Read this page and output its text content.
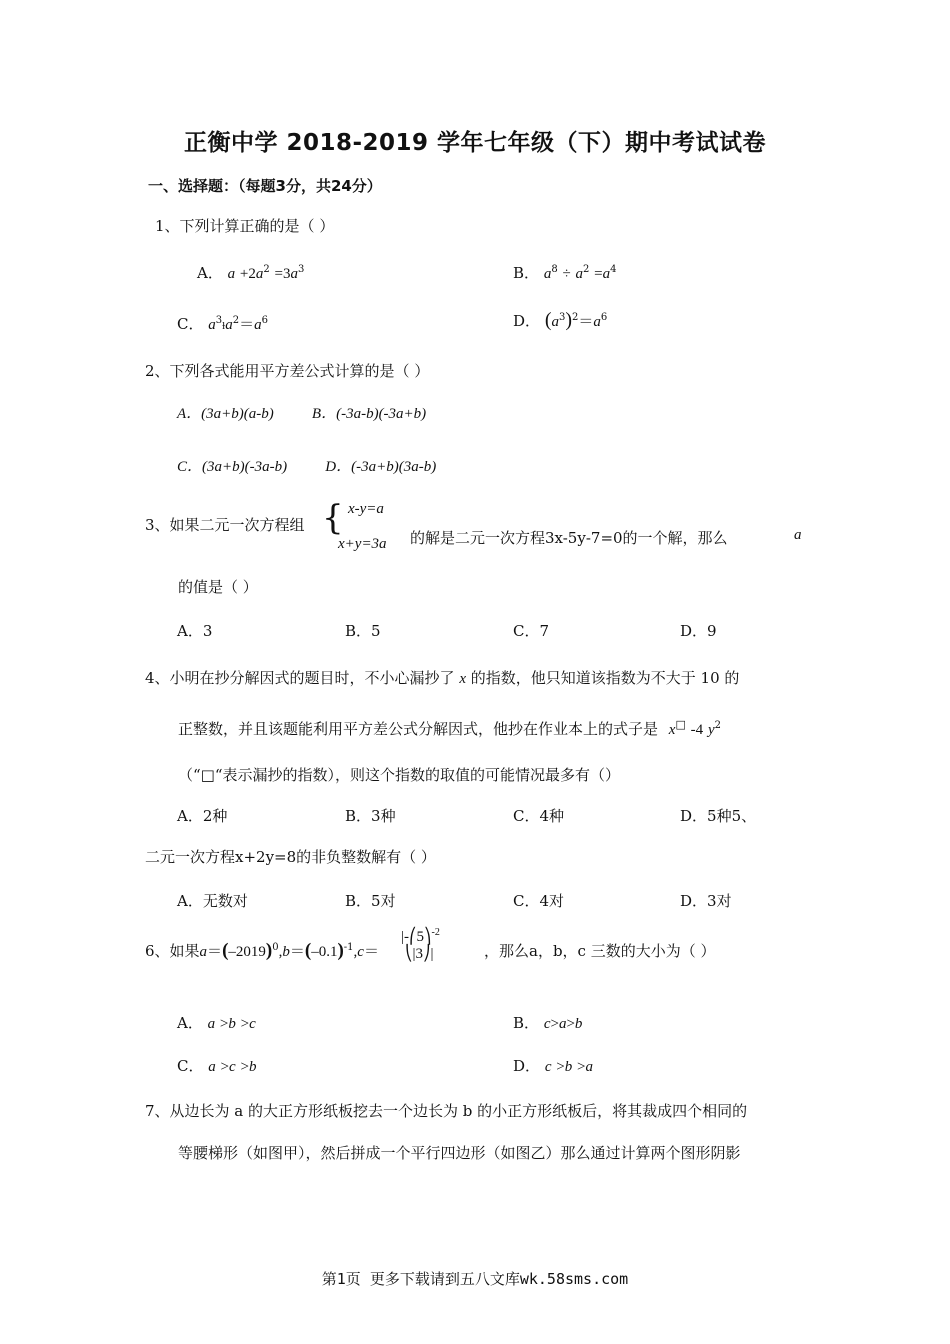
正衡中学 2018-2019 学年七年级（下）期中考试试卷
一、选择题：（每题3分，共24分）
1、下列计算正确的是（ ）
A． $a +2a^2 =3a^3$	B． $a^8 \div a^2 =a^4$
C． $a^3ƚa^2=a^6$	D． $(a^3)^2=a^6$
2、下列各式能用平方差公式计算的是（ ）
A．(3a+b)(a-b)	B．(-3a-b)(-3a+b)
C．(3a+b)(-3a-b)	D．(-3a+b)(3a-b)
3、如果二元一次方程组 { x-y=a
x+y=3a 的解是二元一次方程3x-5y-7=0的一个解，那么	a
的值是（ ）
A．3	B．5	C．7	D．9
4、小明在抄分解因式的题目时，不小心漏抄了 x 的指数，他只知道该指数为不大于 10 的
正整数，并且该题能利用平方差公式分解因式，他抄在作业本上的式子是 x□ -4 $y^2$
（“□“表示漏抄的指数），则这个指数的取值的可能情况最多有（）
A．2种	B．3种	C．4种	D．5种5、
二元一次方程x+2y=8的非负整数解有（ ）
A．无数对	B．5对	C．4对	D．3对
6、如果$a=(-2019)^0,b=(-0.1)^{-1},c=$
|-⎛5⎞$^{-2}$
⎝|3⎠|	，那么a，b，c 三数的大小为（ ）
A． a >b >c	B． c>a>b
C． a >c >b	D． c >b >a
7、从边长为 a 的大正方形纸板挖去一个边长为 b 的小正方形纸板后，将其裁成四个相同的
等腰梯形（如图甲），然后拼成一个平行四边形（如图乙）那么通过计算两个图形阴影
第1页 更多下载请到五八文库wk.58sms.com
